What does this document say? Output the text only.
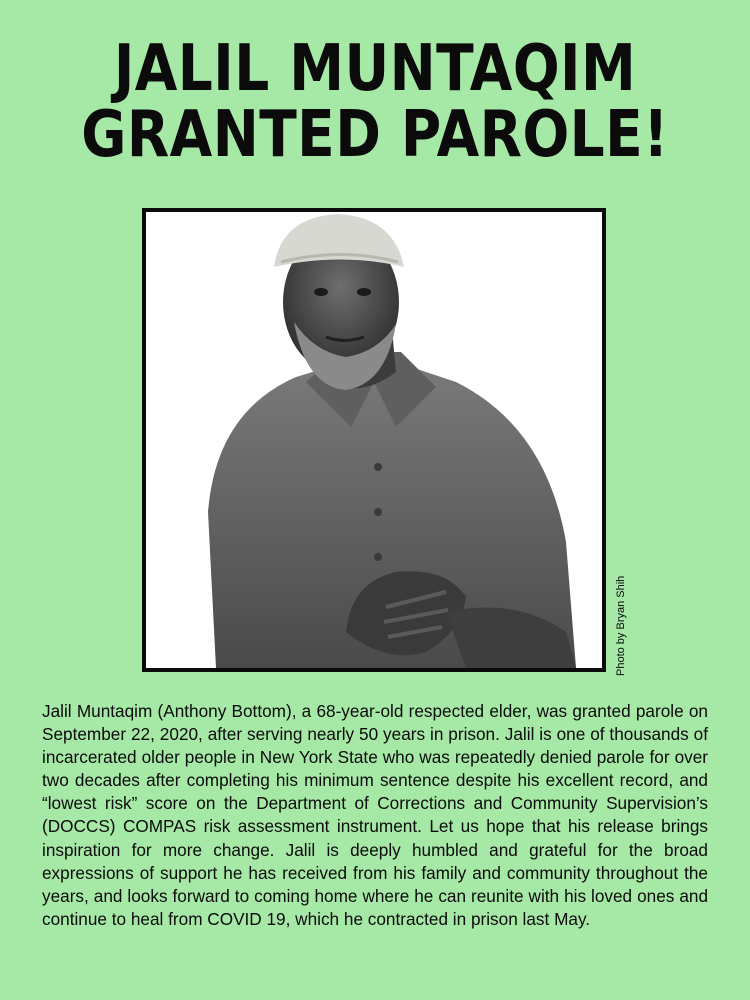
JALIL MUNTAQIM
GRANTED PAROLE!
Photo by Bryan Shih

Jalil Muntaqim (Anthony Bottom), a 68-year-old respected elder, was granted parole on September 22, 2020, after serving nearly 50 years in prison. Jalil is one of thousands of incarcerated older people in New York State who was repeatedly denied parole for over two decades after completing his minimum sentence despite his excellent record, and “lowest risk” score on the Department of Corrections and Community Supervision’s (DOCCS) COMPAS risk assessment instrument. Let us hope that his release brings inspiration for more change. Jalil is deeply humbled and grateful for the broad expressions of support he has received from his family and community throughout the years, and looks forward to coming home where he can reunite with his loved ones and continue to heal from COVID 19, which he contracted in prison last May.
